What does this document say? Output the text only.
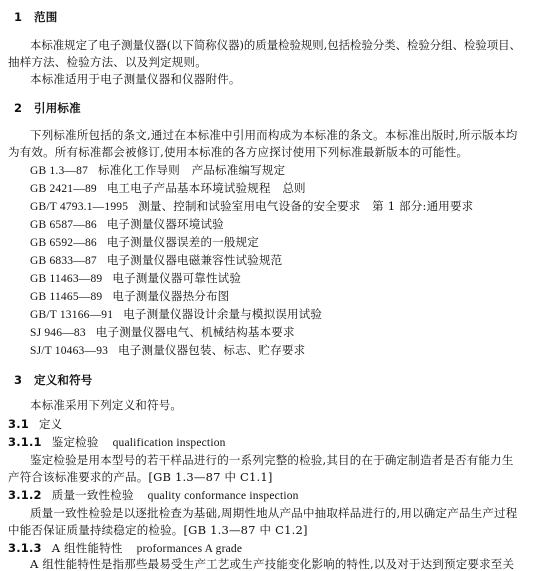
1 范围
本标准规定了电子测量仪器(以下简称仪器)的质量检验规则,包括检验分类、检验分组、检验项目、
抽样方法、检验方法、以及判定规则。
本标准适用于电子测量仪器和仪器附件。
2 引用标准
下列标准所包括的条文,通过在本标准中引用而构成为本标准的条文。本标准出版时,所示版本均
为有效。所有标准都会被修订,使用本标准的各方应探讨使用下列标准最新版本的可能性。
GB 1.3—87 标准化工作导则　产品标准编写规定
GB 2421—89 电工电子产品基本环境试验规程　总则
GB/T 4793.1—1995 测量、控制和试验室用电气设备的安全要求　第 1 部分:通用要求
GB 6587—86 电子测量仪器环境试验
GB 6592—86 电子测量仪器误差的一般规定
GB 6833—87 电子测量仪器电磁兼容性试验规范
GB 11463—89 电子测量仪器可靠性试验
GB 11465—89 电子测量仪器热分布图
GB/T 13166—91 电子测量仪器设计余量与模拟误用试验
SJ 946—83 电子测量仪器电气、机械结构基本要求
SJ/T 10463—93 电子测量仪器包装、标志、贮存要求
3 定义和符号
本标准采用下列定义和符号。
3.1 定义
3.1.1 鉴定检验 qualification inspection
鉴定检验是用本型号的若干样品进行的一系列完整的检验,其目的在于确定制造者是否有能力生
产符合该标准要求的产品。[GB 1.3—87 中 C1.1]
3.1.2 质量一致性检验 quality conformance inspection
质量一致性检验是以逐批检查为基础,周期性地从产品中抽取样品进行的,用以确定产品生产过程
中能否保证质量持续稳定的检验。[GB 1.3—87 中 C1.2]
3.1.3 A 组性能特性 proformances A grade
A 组性能特性是指那些最易受生产工艺或生产技能变化影响的特性,以及对于达到预定要求至关
